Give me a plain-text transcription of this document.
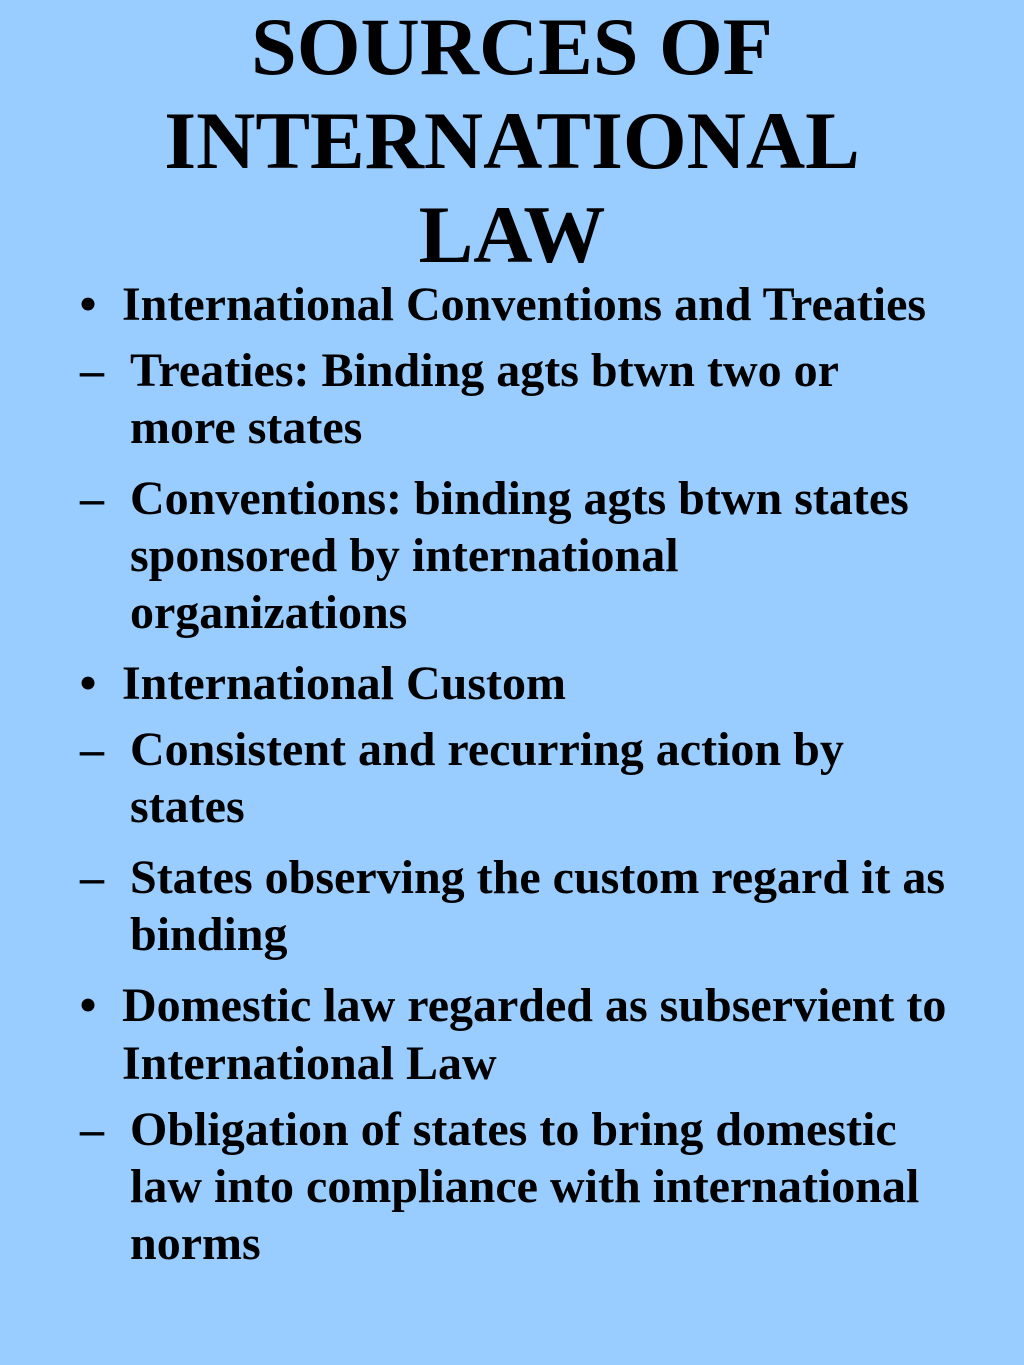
SOURCES OF
INTERNATIONAL
LAW
• International Conventions and Treaties
– Treaties: Binding agts btwn two or more states
– Conventions: binding agts btwn states sponsored by international organizations
• International Custom
– Consistent and recurring action by states
– States observing the custom regard it as binding
• Domestic law regarded as subservient to International Law
– Obligation of states to bring domestic law into compliance with international norms
